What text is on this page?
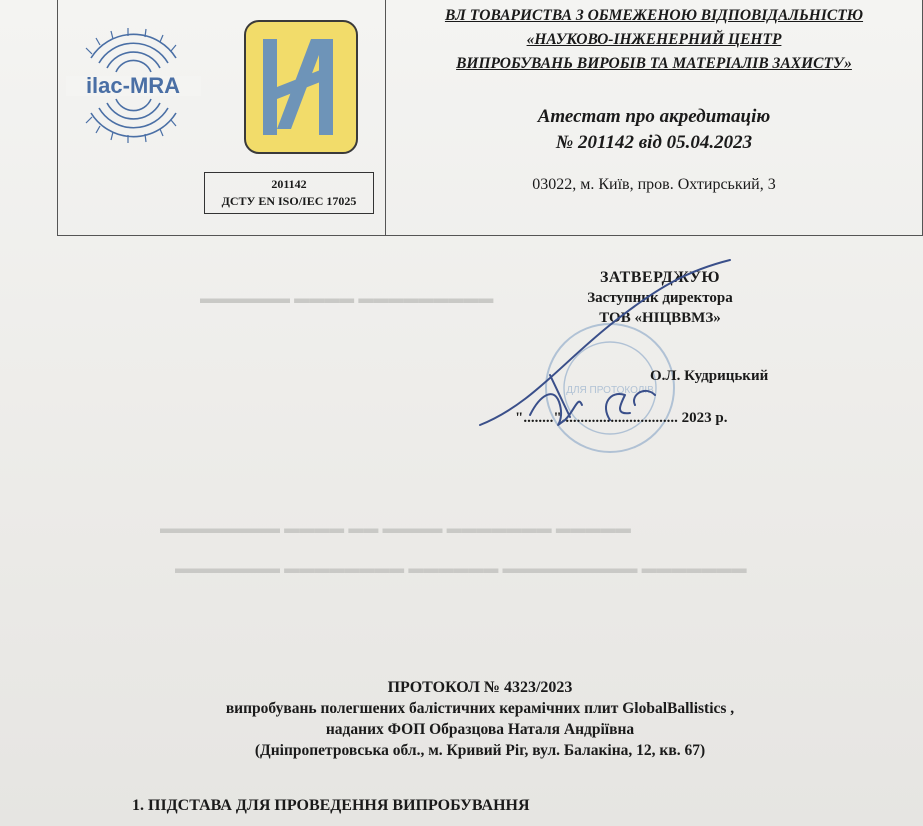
ilac-MRA
201142
ДСТУ EN ISO/IEC 17025
ВЛ ТОВАРИСТВА З ОБМЕЖЕНОЮ ВІДПОВІДАЛЬНІСТЮ
«НАУКОВО-ІНЖЕНЕРНИЙ ЦЕНТР
ВИПРОБУВАНЬ ВИРОБІВ ТА МАТЕРІАЛІВ ЗАХИСТУ»
Атестат про акредитацію
№ 201142 від 05.04.2023
03022, м. Київ, пров. Охтирський, 3
▬▬▬▬▬▬ ▬▬▬▬ ▬▬▬▬▬▬▬▬▬
▬▬▬▬▬▬▬▬ ▬▬▬▬ ▬▬ ▬▬▬▬ ▬▬▬▬▬▬▬ ▬▬▬▬▬
▬▬▬▬▬▬▬ ▬▬▬▬▬▬▬▬ ▬▬▬▬▬▬ ▬▬▬▬▬▬▬▬▬ ▬▬▬▬▬▬▬
ДЛЯ ПРОТОКОЛІВ
ЗАТВЕРДЖУЮ
Заступник директора
ТОВ «НІЦВВМЗ»
О.Л. Кудрицький
"........"............................... 2023 р.
ПРОТОКОЛ № 4323/2023
випробувань полегшених балістичних керамічних плит GlobalBallistics ,
наданих ФОП Образцова Наталя Андріївна
(Дніпропетровська обл., м. Кривий Ріг, вул. Балакіна, 12, кв. 67)
1. ПІДСТАВА ДЛЯ ПРОВЕДЕННЯ ВИПРОБУВАННЯ
